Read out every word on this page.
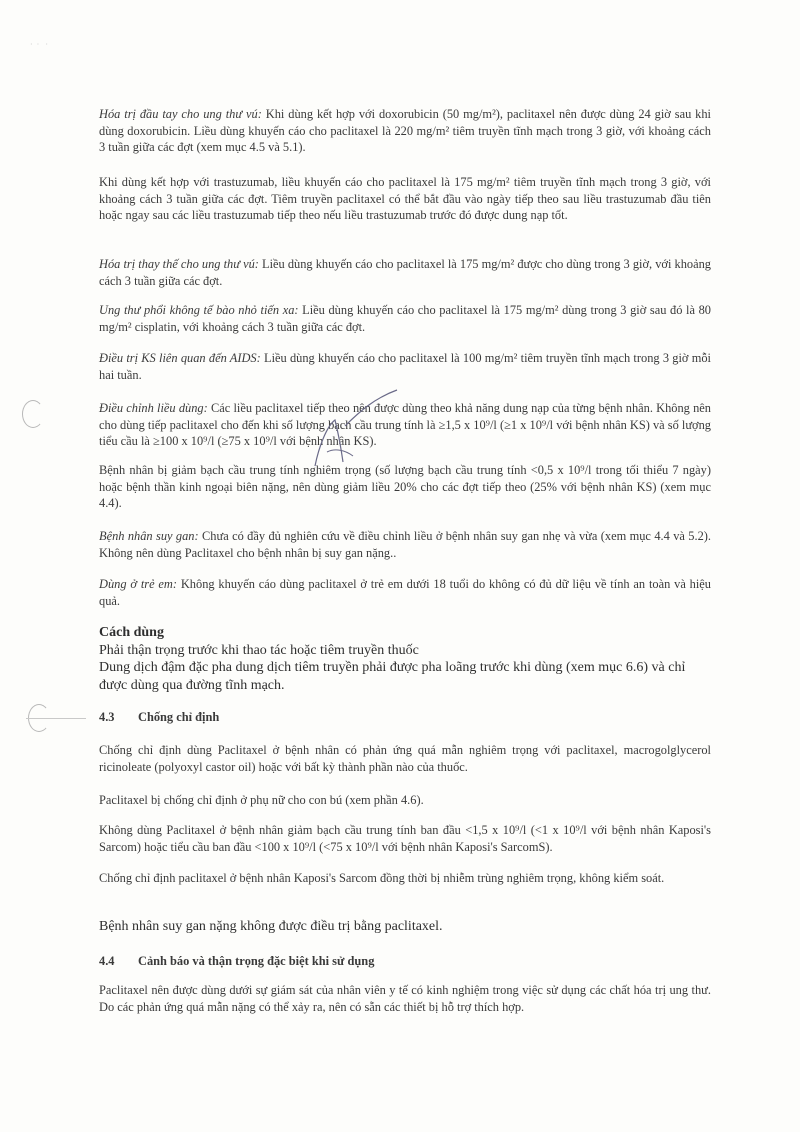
·  ·   ·
Hóa trị đầu tay cho ung thư vú: Khi dùng kết hợp với doxorubicin (50 mg/m²), paclitaxel nên được dùng 24 giờ sau khi dùng doxorubicin. Liều dùng khuyến cáo cho paclitaxel là 220 mg/m² tiêm truyền tĩnh mạch trong 3 giờ, với khoảng cách 3 tuần giữa các đợt (xem mục 4.5 và 5.1).
Khi dùng kết hợp với trastuzumab, liều khuyến cáo cho paclitaxel là 175 mg/m² tiêm truyền tĩnh mạch trong 3 giờ, với khoảng cách 3 tuần giữa các đợt. Tiêm truyền paclitaxel có thể bắt đầu vào ngày tiếp theo sau liều trastuzumab đầu tiên hoặc ngay sau các liều trastuzumab tiếp theo nếu liều trastuzumab trước đó được dung nạp tốt.
Hóa trị thay thế cho ung thư vú: Liều dùng khuyến cáo cho paclitaxel là 175 mg/m² được cho dùng trong 3 giờ, với khoảng cách 3 tuần giữa các đợt.
Ung thư phổi không tế bào nhỏ tiến xa: Liều dùng khuyến cáo cho paclitaxel là 175 mg/m² dùng trong 3 giờ sau đó là 80 mg/m² cisplatin, với khoảng cách 3 tuần giữa các đợt.
Điều trị KS liên quan đến AIDS: Liều dùng khuyến cáo cho paclitaxel là 100 mg/m² tiêm truyền tĩnh mạch trong 3 giờ mỗi hai tuần.
Điều chỉnh liều dùng: Các liều paclitaxel tiếp theo nên được dùng theo khả năng dung nạp của từng bệnh nhân. Không nên cho dùng tiếp paclitaxel cho đến khi số lượng bạch cầu trung tính là ≥1,5 x 10⁹/l (≥1 x 10⁹/l với bệnh nhân KS) và số lượng tiểu cầu là ≥100 x 10⁹/l (≥75 x 10⁹/l với bệnh nhân KS).
Bệnh nhân bị giảm bạch cầu trung tính nghiêm trọng (số lượng bạch cầu trung tính <0,5 x 10⁹/l trong tối thiểu 7 ngày) hoặc bệnh thần kinh ngoại biên nặng, nên dùng giảm liều 20% cho các đợt tiếp theo (25% với bệnh nhân KS) (xem mục 4.4).
Bệnh nhân suy gan: Chưa có đầy đủ nghiên cứu về điều chỉnh liều ở bệnh nhân suy gan nhẹ và vừa (xem mục 4.4 và 5.2). Không nên dùng Paclitaxel cho bệnh nhân bị suy gan nặng..
Dùng ở trẻ em: Không khuyến cáo dùng paclitaxel ở trẻ em dưới 18 tuổi do không có đủ dữ liệu về tính an toàn và hiệu quả.
Cách dùng
Phải thận trọng trước khi thao tác hoặc tiêm truyền thuốc
Dung dịch đậm đặc pha dung dịch tiêm truyền phải được pha loãng trước khi dùng (xem mục 6.6) và chỉ được dùng qua đường tĩnh mạch.
4.3 Chống chỉ định
Chống chỉ định dùng Paclitaxel ở bệnh nhân có phản ứng quá mẫn nghiêm trọng với paclitaxel, macrogolglycerol ricinoleate (polyoxyl castor oil) hoặc với bất kỳ thành phần nào của thuốc.
Paclitaxel bị chống chỉ định ở phụ nữ cho con bú (xem phần 4.6).
Không dùng Paclitaxel ở bệnh nhân giảm bạch cầu trung tính ban đầu <1,5 x 10⁹/l (<1 x 10⁹/l với bệnh nhân Kaposi's Sarcom) hoặc tiểu cầu ban đầu <100 x 10⁹/l (<75 x 10⁹/l với bệnh nhân Kaposi's SarcomS).
Chống chỉ định paclitaxel ở bệnh nhân Kaposi's Sarcom đồng thời bị nhiễm trùng nghiêm trọng, không kiểm soát.
Bệnh nhân suy gan nặng không được điều trị bằng paclitaxel.
4.4 Cảnh báo và thận trọng đặc biệt khi sử dụng
Paclitaxel nên được dùng dưới sự giám sát của nhân viên y tế có kinh nghiệm trong việc sử dụng các chất hóa trị ung thư. Do các phản ứng quá mẫn nặng có thể xảy ra, nên có sẵn các thiết bị hỗ trợ thích hợp.
